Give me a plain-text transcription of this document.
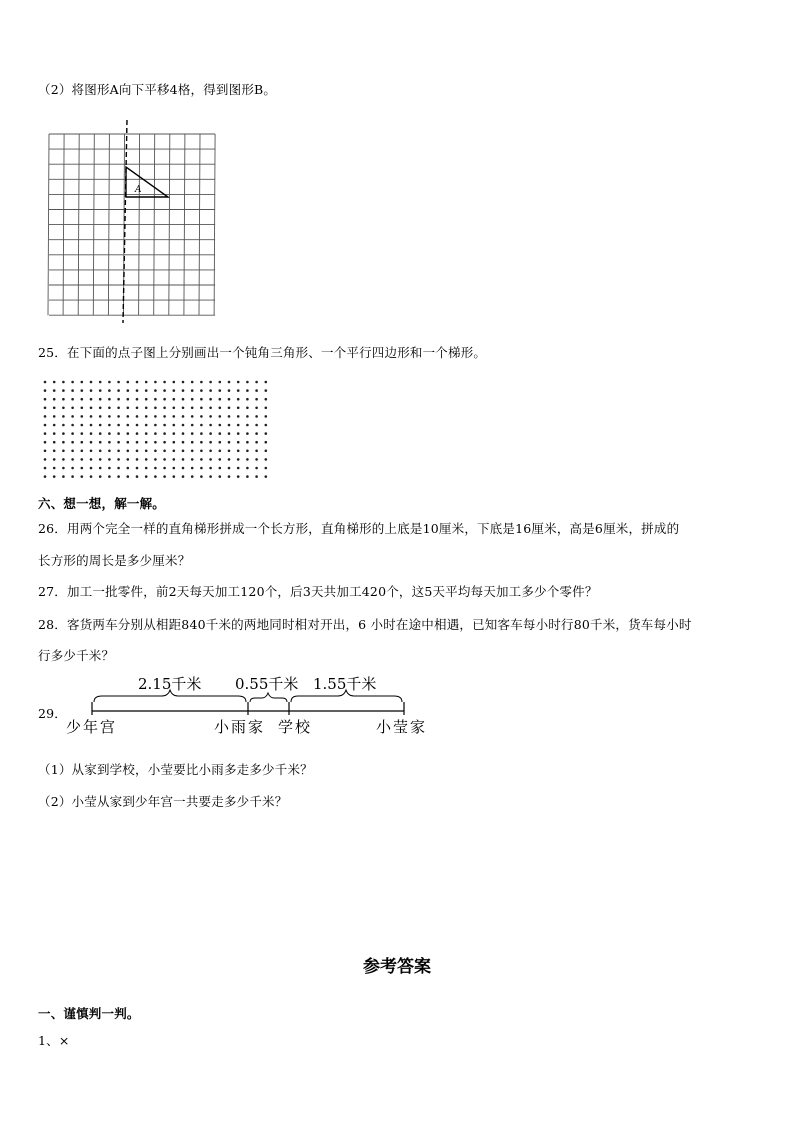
（2）将图形A向下平移4格，得到图形B。
A
25．在下面的点子图上分别画出一个钝角三角形、一个平行四边形和一个梯形。
六、想一想，解一解。
26．用两个完全一样的直角梯形拼成一个长方形，直角梯形的上底是10厘米，下底是16厘米，高是6厘米，拼成的
长方形的周长是多少厘米？
27．加工一批零件，前2天每天加工120个，后3天共加工420个，这5天平均每天加工多少个零件？
28．客货两车分别从相距840千米的两地同时相对开出，6 小时在途中相遇，已知客车每小时行80千米，货车每小时
行多少千米？
29．
2.15千米 0.55千米 1.55千米
少年宫	小雨家 学校	小莹家
（1）从家到学校，小莹要比小雨多走多少千米？
（2）小莹从家到少年宫一共要走多少千米？
参考答案
一、谨慎判一判。
1、×
